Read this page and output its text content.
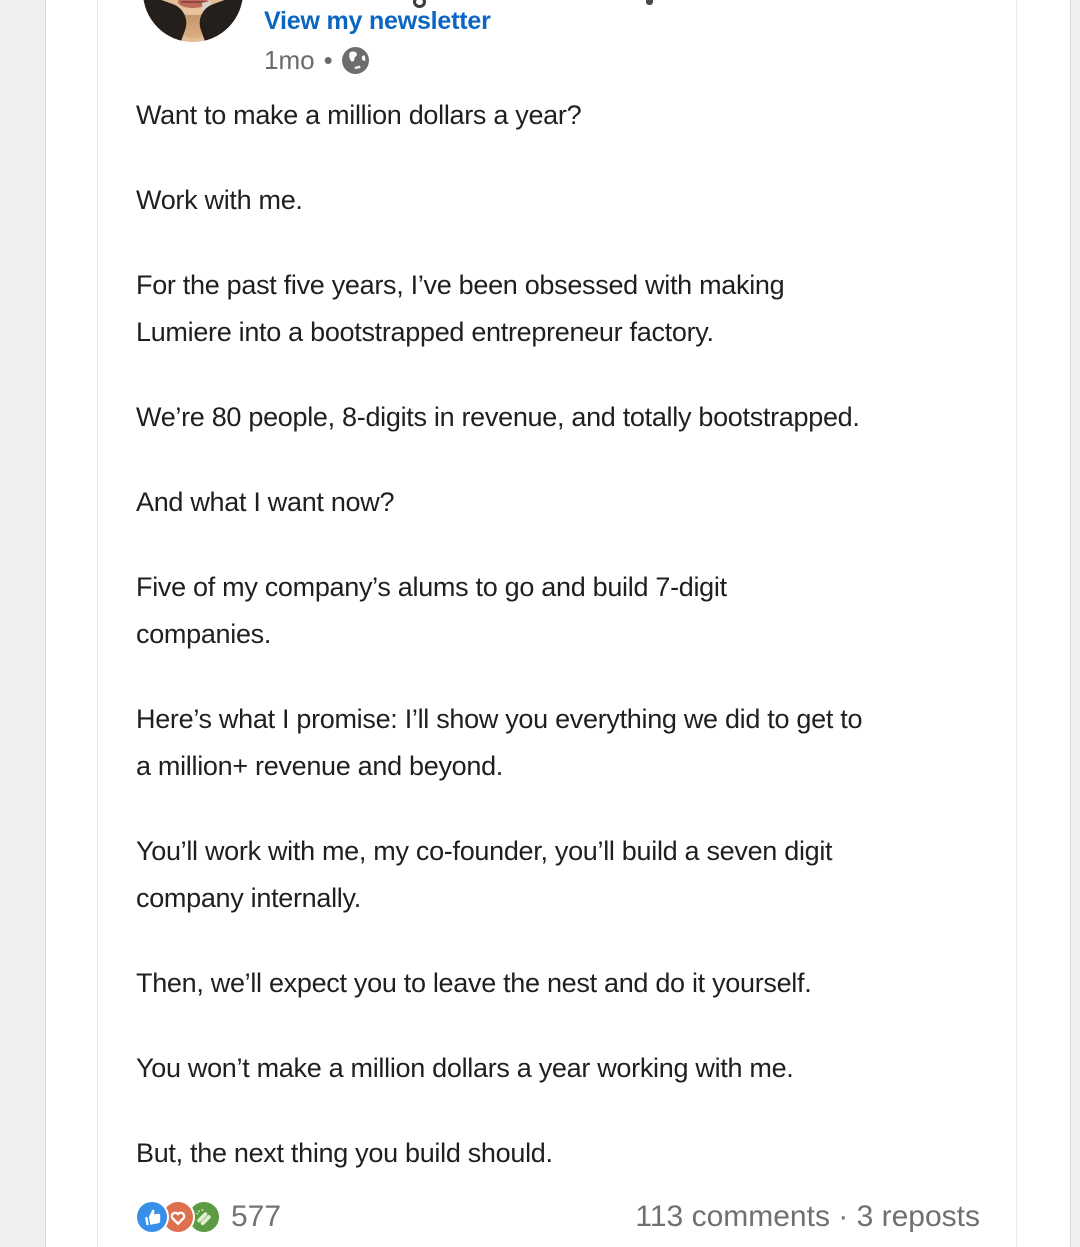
View my newsletter
1mo •
Want to make a million dollars a year?
Work with me.
For the past five years, I’ve been obsessed with making
Lumiere into a bootstrapped entrepreneur factory.
We’re 80 people, 8-digits in revenue, and totally bootstrapped.
And what I want now?
Five of my company’s alums to go and build 7-digit
companies.
Here’s what I promise: I’ll show you everything we did to get to
a million+ revenue and beyond.
You’ll work with me, my co-founder, you’ll build a seven digit
company internally.
Then, we’ll expect you to leave the nest and do it yourself.
You won’t make a million dollars a year working with me.
But, the next thing you build should.
577	113 comments · 3 reposts
